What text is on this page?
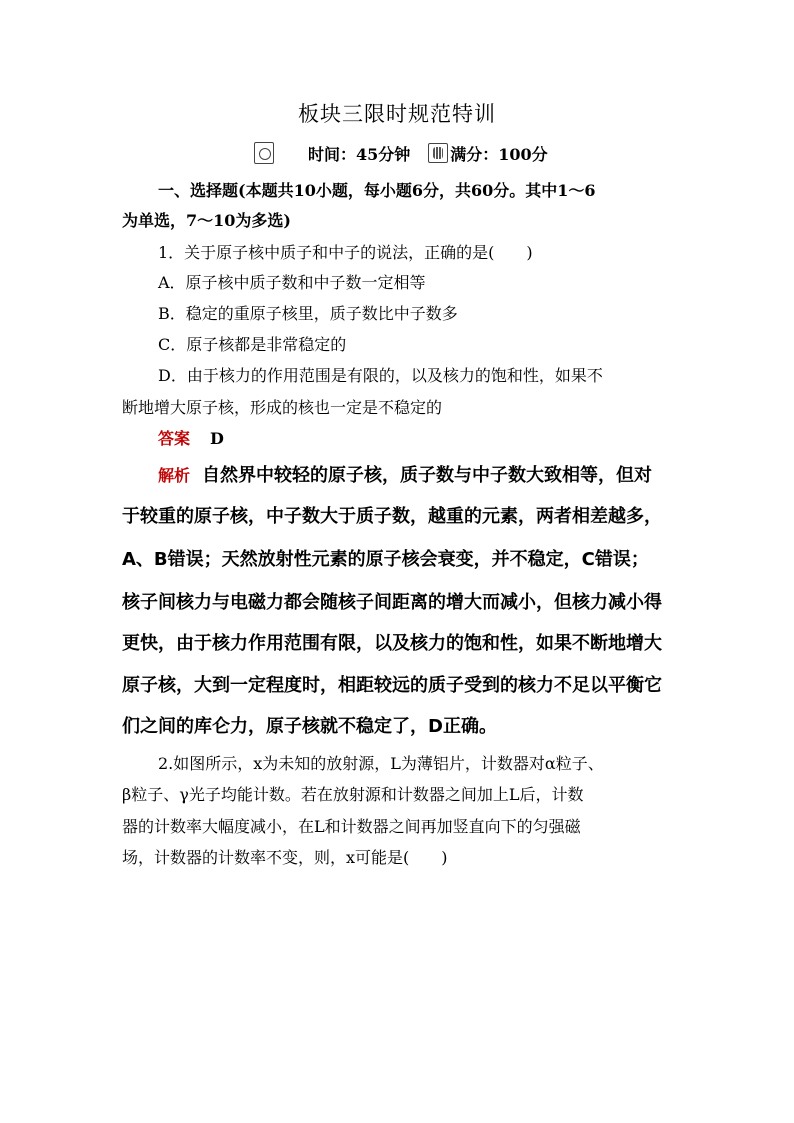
板块三限时规范特训
时间：45分钟	满分：100分
一、选择题(本题共10小题，每小题6分，共60分。其中1～6
为单选，7～10为多选)
1．关于原子核中质子和中子的说法，正确的是(　　)
A．原子核中质子数和中子数一定相等
B．稳定的重原子核里，质子数比中子数多
C．原子核都是非常稳定的
D．由于核力的作用范围是有限的，以及核力的饱和性，如果不
断地增大原子核，形成的核也一定是不稳定的
答案 D
解析 自然界中较轻的原子核，质子数与中子数大致相等，但对
于较重的原子核，中子数大于质子数，越重的元素，两者相差越多，
A、B错误；天然放射性元素的原子核会衰变，并不稳定，C错误；
核子间核力与电磁力都会随核子间距离的增大而减小，但核力减小得
更快，由于核力作用范围有限，以及核力的饱和性，如果不断地增大
原子核，大到一定程度时，相距较远的质子受到的核力不足以平衡它
们之间的库仑力，原子核就不稳定了，D正确。
2.如图所示，x为未知的放射源，L为薄铝片，计数器对α粒子、
β粒子、γ光子均能计数。若在放射源和计数器之间加上L后，计数
器的计数率大幅度减小，在L和计数器之间再加竖直向下的匀强磁
场，计数器的计数率不变，则，x可能是(　　)
